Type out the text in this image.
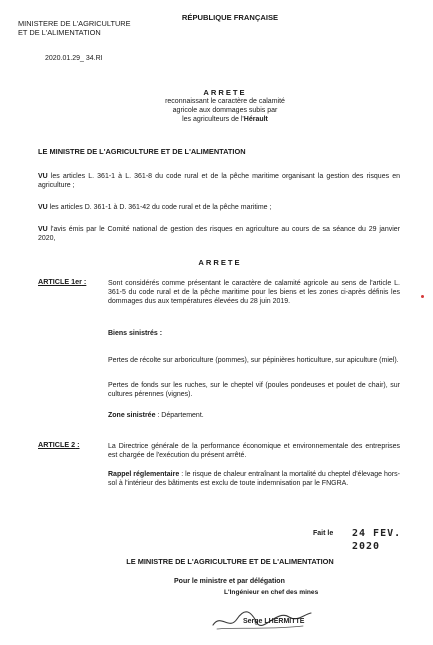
MINISTERE DE L'AGRICULTURE
ET DE L'ALIMENTATION
RÉPUBLIQUE FRANÇAISE
2020.01.29_ 34.RI
ARRETE
reconnaissant le caractère de calamité
agricole aux dommages subis par
les agriculteurs de l'Hérault
LE MINISTRE DE L'AGRICULTURE ET DE L'ALIMENTATION
VU les articles L. 361-1 à L. 361-8 du code rural et de la pêche maritime organisant la gestion des risques en agriculture ;
VU les articles D. 361-1 à D. 361-42 du code rural et de la pêche maritime ;
VU l'avis émis par le Comité national de gestion des risques en agriculture au cours de sa séance du 29 janvier 2020,
ARRETE
ARTICLE 1er :	Sont considérés comme présentant le caractère de calamité agricole au sens de l'article L. 361-5 du code rural et de la pêche maritime pour les biens et les zones ci-après définis les dommages dus aux températures élevées du 28 juin 2019.
Biens sinistrés :
Pertes de récolte sur arboriculture (pommes), sur pépinières horticulture, sur apiculture (miel).
Pertes de fonds sur les ruches, sur le cheptel vif (poules pondeuses et poulet de chair), sur cultures pérennes (vignes).
Zone sinistrée : Département.
ARTICLE 2 :	La Directrice générale de la performance économique et environnementale des entreprises est chargée de l'exécution du présent arrêté.
Rappel réglementaire : le risque de chaleur entraînant la mortalité du cheptel d'élevage hors-sol à l'intérieur des bâtiments est exclu de toute indemnisation par le FNGRA.
Fait le 24 FEV. 2020
LE MINISTRE DE L'AGRICULTURE ET DE L'ALIMENTATION
Pour le ministre et par délégation
L'Ingénieur en chef des mines
Serge LHERMITTE
